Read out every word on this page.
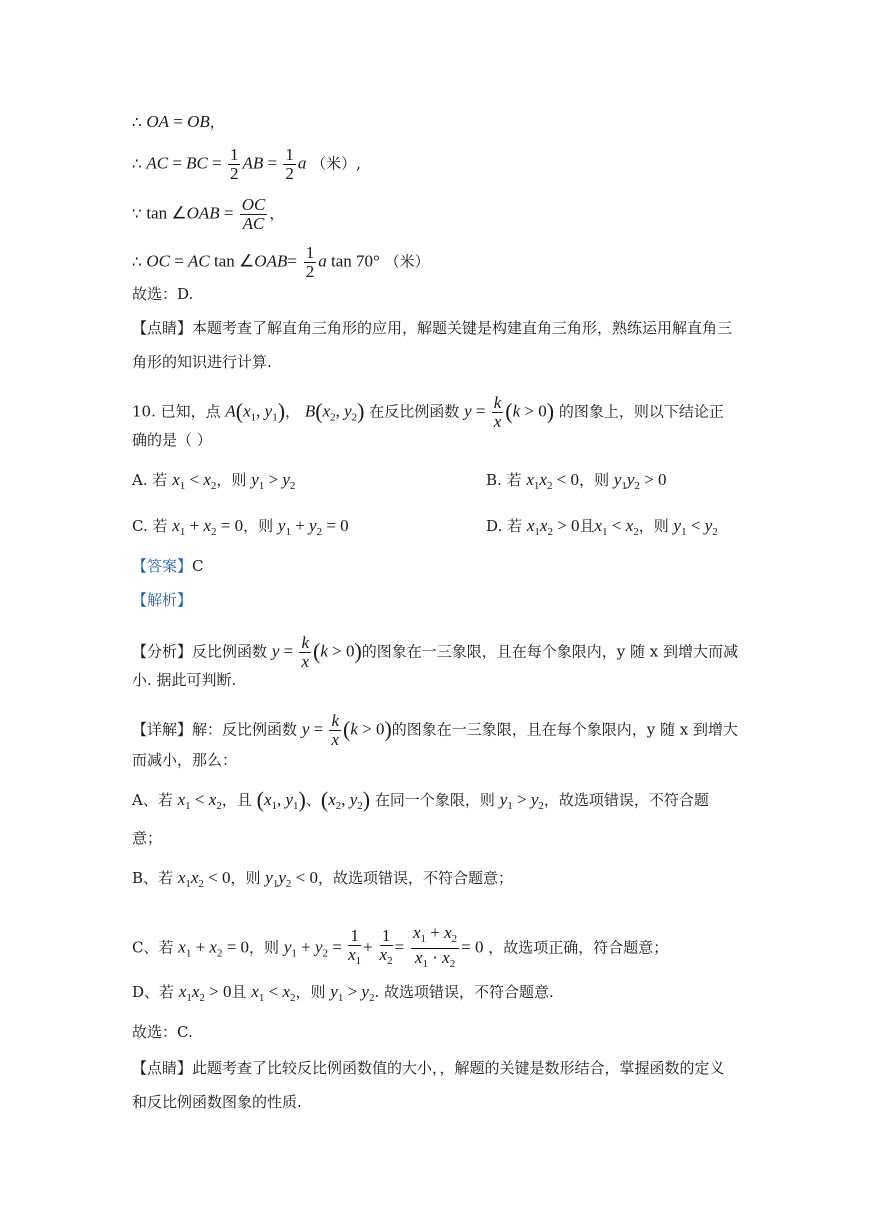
∴ OA = OB，
∴ AC = BC = $\frac{1}{2}$ AB = $\frac{1}{2}$ a （米）,
∵ tan ∠OAB = $\frac{OC}{AC}$ ，
∴ OC = AC tan ∠OAB= $\frac{1}{2}$ a tan 70° （米）
故选：D.
【点睛】本题考查了解直角三角形的应用，解题关键是构建直角三角形，熟练运用解直角三
角形的知识进行计算.
10. 已知，点 $A(x_1$, $y_1$)， $B(x_2$, $y_2$) 在反比例函数 $y = \frac{k}{x} (k > 0)$ 的图象上，则以下结论正
确的是（ ）
A. 若 $x_1 < x_2$，则 $y_1 > y_2$	B. 若 $x_1x_2 < 0$，则 $y_1y_2 > 0$
C. 若 $x_1 + x_2 = 0$，则 $y_1 + y_2 = 0$	D. 若 $x_1x_2 > 0$且$x_1 < x_2$，则 $y_1 < y_2$
【答案】C
【解析】
【分析】反比例函数 $y = \frac{k}{x} (k > 0)$的图象在一三象限，且在每个象限内，y 随 x 到增大而减
小. 据此可判断.
【详解】解：反比例函数 $y = \frac{k}{x} (k > 0)$的图象在一三象限，且在每个象限内，y 随 x 到增大
而减小，那么：
A、若 $x_1 < x_2$，且 ($x_1$, $y_1$)、($x_2$, $y_2$) 在同一个象限，则 $y_1 > y_2$，故选项错误，不符合题
意；
B、若 $x_1x_2 < 0$，则 $y_1y_2 < 0$，故选项错误，不符合题意；
C、若 $x_1 + x_2 = 0$，则 $y_1 + y_2 = \frac{1}{x_1} + \frac{1}{x_2} = \frac{x_1 + x_2}{x_1 \cdot x_2} = 0$ ，故选项正确，符合题意；
D、若 $x_1x_2 > 0$且 $x_1 < x_2$，则 $y_1 > y_2$. 故选项错误，不符合题意.
故选：C.
【点睛】此题考查了比较反比例函数值的大小，，解题的关键是数形结合，掌握函数的定义
和反比例函数图象的性质.
